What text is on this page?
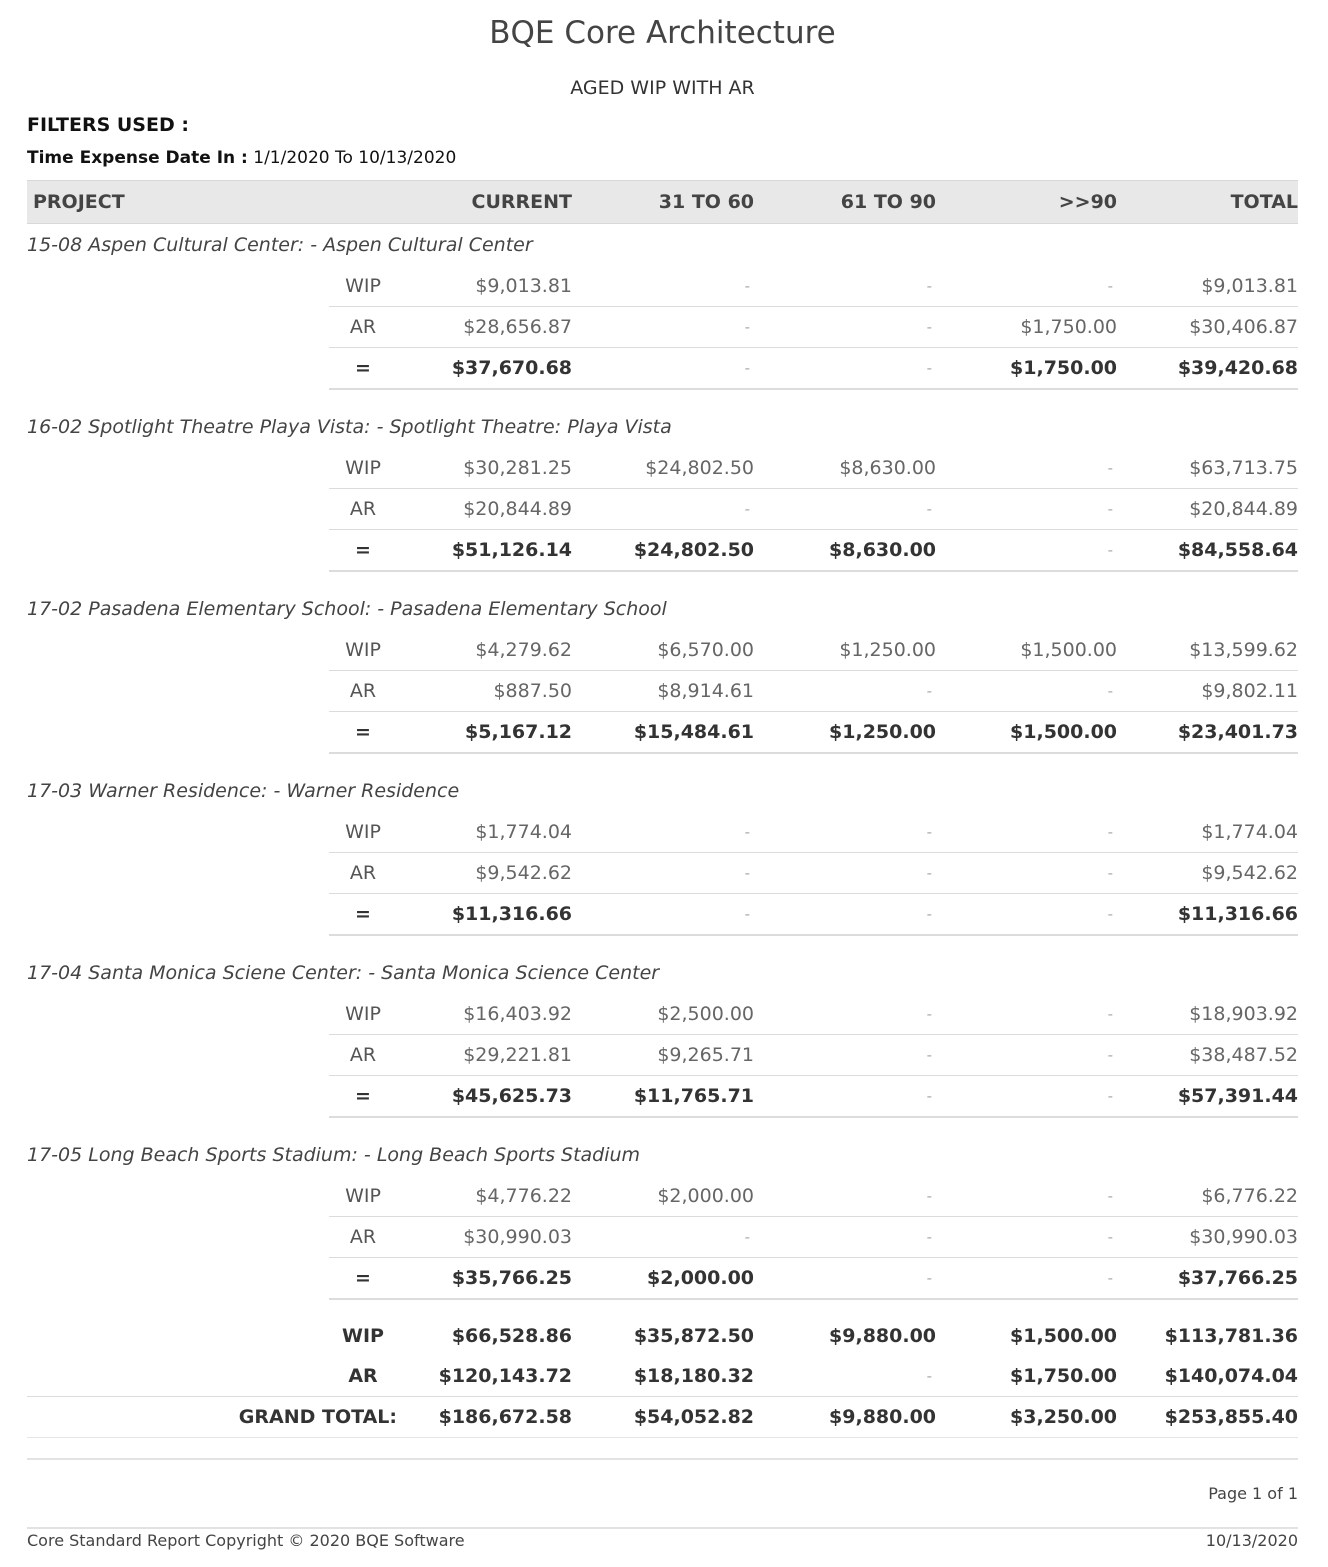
BQE Core Architecture
AGED WIP WITH AR
FILTERS USED :
Time Expense Date In : 1/1/2020 To 10/13/2020
PROJECT		CURRENT	31 TO 60	61 TO 90	>>90	TOTAL
15-08 Aspen Cultural Center: - Aspen Cultural Center						
	WIP	$9,013.81	-	-	-	$9,013.81
	AR	$28,656.87	-	-	$1,750.00	$30,406.87
	=	$37,670.68	-	-	$1,750.00	$39,420.68

16-02 Spotlight Theatre Playa Vista: - Spotlight Theatre: Playa Vista						
	WIP	$30,281.25	$24,802.50	$8,630.00	-	$63,713.75
	AR	$20,844.89	-	-	-	$20,844.89
	=	$51,126.14	$24,802.50	$8,630.00	-	$84,558.64

17-02 Pasadena Elementary School: - Pasadena Elementary School						
	WIP	$4,279.62	$6,570.00	$1,250.00	$1,500.00	$13,599.62
	AR	$887.50	$8,914.61	-	-	$9,802.11
	=	$5,167.12	$15,484.61	$1,250.00	$1,500.00	$23,401.73

17-03 Warner Residence: - Warner Residence						
	WIP	$1,774.04	-	-	-	$1,774.04
	AR	$9,542.62	-	-	-	$9,542.62
	=	$11,316.66	-	-	-	$11,316.66

17-04 Santa Monica Sciene Center: - Santa Monica Science Center						
	WIP	$16,403.92	$2,500.00	-	-	$18,903.92
	AR	$29,221.81	$9,265.71	-	-	$38,487.52
	=	$45,625.73	$11,765.71	-	-	$57,391.44

17-05 Long Beach Sports Stadium: - Long Beach Sports Stadium						
	WIP	$4,776.22	$2,000.00	-	-	$6,776.22
	AR	$30,990.03	-	-	-	$30,990.03
	=	$35,766.25	$2,000.00	-	-	$37,766.25

	WIP	$66,528.86	$35,872.50	$9,880.00	$1,500.00	$113,781.36
	AR	$120,143.72	$18,180.32	-	$1,750.00	$140,074.04
GRAND TOTAL:		$186,672.58	$54,052.82	$9,880.00	$3,250.00	$253,855.40
Page 1 of 1
Core Standard Report Copyright © 2020 BQE Software	10/13/2020
